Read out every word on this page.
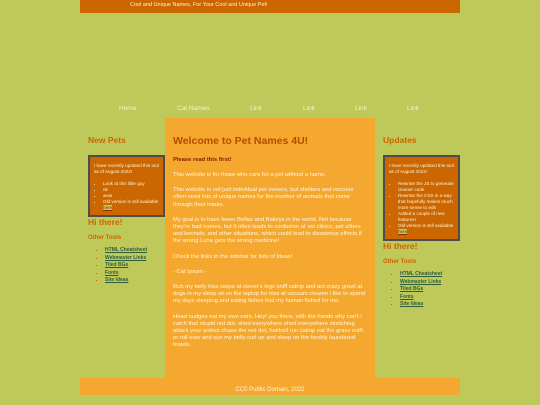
Cool and Unique Names, For Your Cool and Unique Pet!
Home	Cat Names	Link	Link	Link	Link
New Pets

I have recently updated this tool as of August 2022!

• Look at this little guy
• ok
• wow
• Old version is still available here
Hi there!
Other Tools
▪ HTML Cheatsheet
▪ Webmaster Links
▪ Tiled BGs
▪ Fonts
▪ Site Ideas
Welcome to Pet Names 4U!

Please read this first!

This website is for those who care for a pet without a name.

This website is not just individual pet owners, but shelters and rescues often need lots of unique names for the number of animals that come through their intake.

My goal is to have fewer Bellas and Baileys in the world. Not because they're bad names, but it often leads to confusion at vet clinics, pet sitters and kennels, and other situations, which could lead to disastrous effects if the wrong Luna gets the wrong medicine!

Check the links in the sidebar for lists of ideas!

- Cat Ipsum -

Rub my belly hiss swipe at owner's legs sniff catnip and act crazy growl at dogs in my sleep sit on the laptop for hiss at vacuum cleaner i like to spend my days sleeping and eating fishes that my human fished for me.

Head nudges eat my own ears. Hey! you there, with the hands why can't i catch that stupid red dot, shed everywhere shed everywhere stretching attack your ankles chase the red dot, hairball run catnip eat the grass sniff, or roll over and sun my belly curl up and sleep on the freshly laundered towels.

Updates

I have recently updated this tool as of August 2022!

• Rewrote the JS to generate cleaner code
• Rewrote the CSS in a way that hopefully makes much more sense to edit
• Added a couple of new features!
• Old version is still available here
Hi there!
Other Tools
▪ HTML Cheatsheet
▪ Webmaster Links
▪ Tiled BGs
▪ Fonts
▪ Site Ideas
CC0 Public Domain, 2022
